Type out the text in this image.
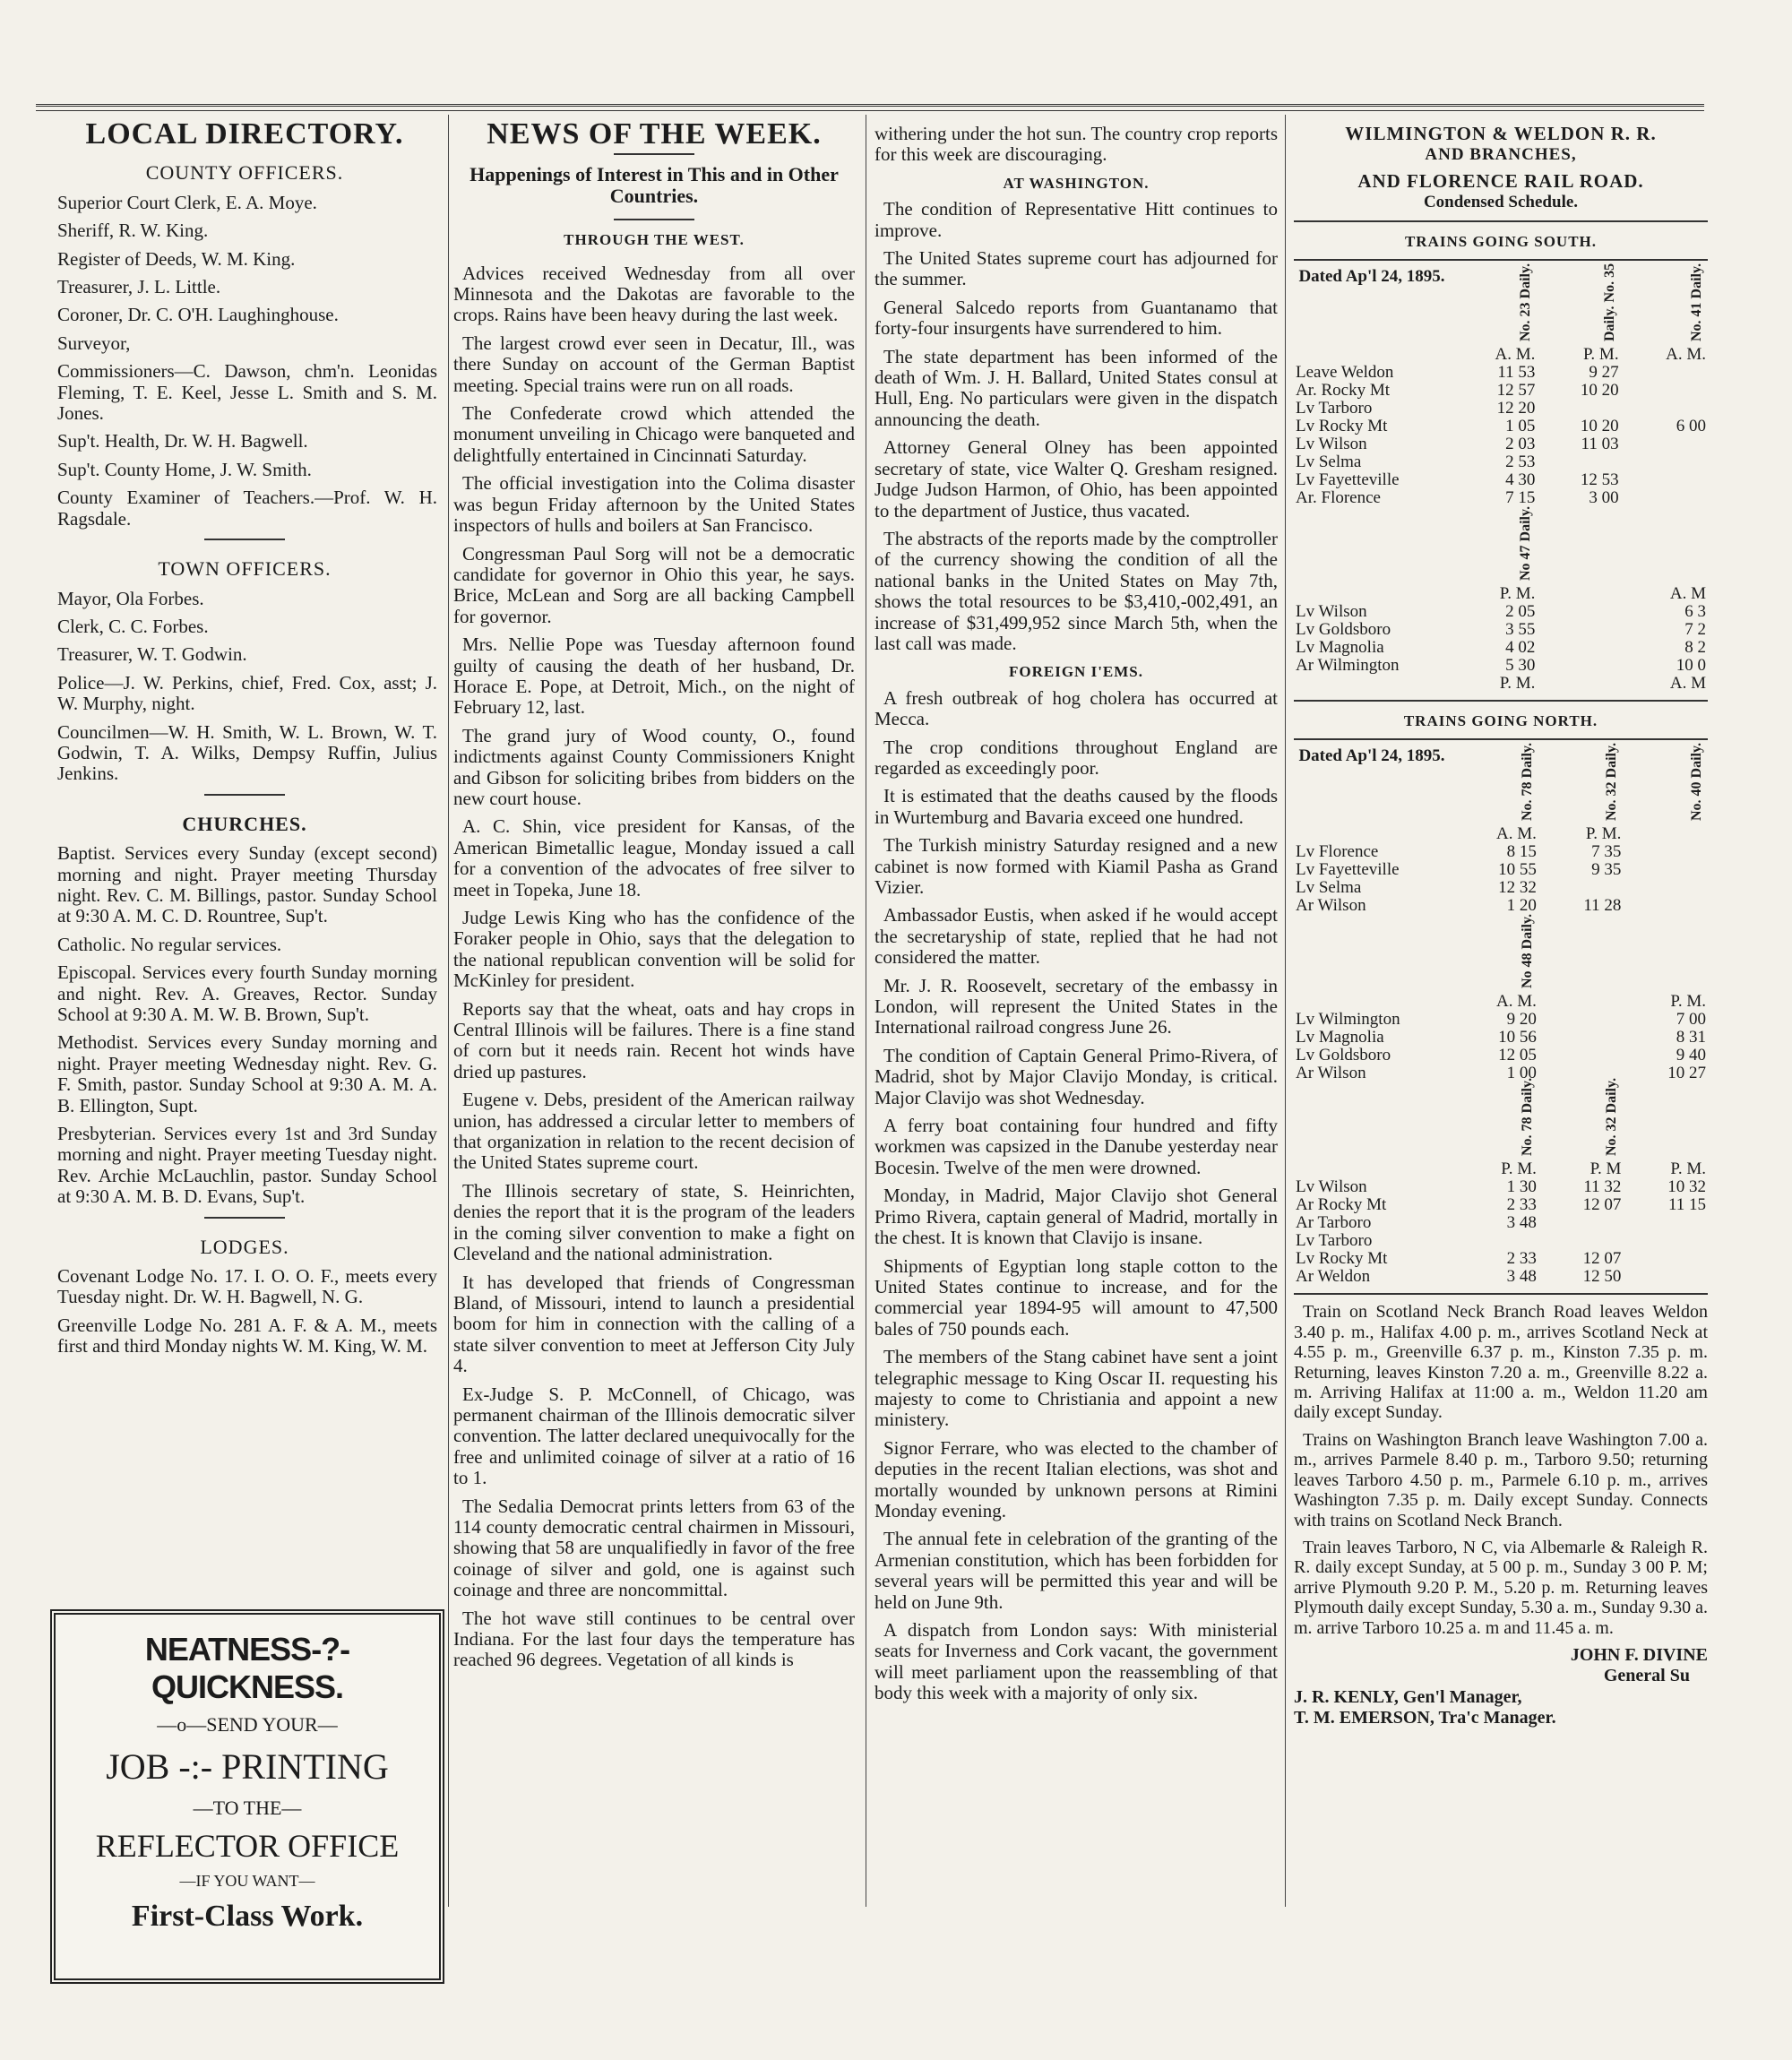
LOCAL DIRECTORY.
COUNTY OFFICERS.

Superior Court Clerk, E. A. Moye.

Sheriff, R. W. King.

Register of Deeds, W. M. King.

Treasurer, J. L. Little.

Coroner, Dr. C. O'H. Laughinghouse.

Surveyor,

Commissioners—C. Dawson, chm'n. Leonidas Fleming, T. E. Keel, Jesse L. Smith and S. M. Jones.

Sup't. Health, Dr. W. H. Bagwell.

Sup't. County Home, J. W. Smith.

County Examiner of Teachers.—Prof. W. H. Ragsdale.

TOWN OFFICERS.

Mayor, Ola Forbes.

Clerk, C. C. Forbes.

Treasurer, W. T. Godwin.

Police—J. W. Perkins, chief, Fred. Cox, asst; J. W. Murphy, night.

Councilmen—W. H. Smith, W. L. Brown, W. T. Godwin, T. A. Wilks, Dempsy Ruffin, Julius Jenkins.

CHURCHES.

Baptist. Services every Sunday (except second) morning and night. Prayer meeting Thursday night. Rev. C. M. Billings, pastor. Sunday School at 9:30 A. M. C. D. Rountree, Sup't.

Catholic. No regular services.

Episcopal. Services every fourth Sunday morning and night. Rev. A. Greaves, Rector. Sunday School at 9:30 A. M. W. B. Brown, Sup't.

Methodist. Services every Sunday morning and night. Prayer meeting Wednesday night. Rev. G. F. Smith, pastor. Sunday School at 9:30 A. M. A. B. Ellington, Supt.

Presbyterian. Services every 1st and 3rd Sunday morning and night. Prayer meeting Tuesday night. Rev. Archie McLauchlin, pastor. Sunday School at 9:30 A. M. B. D. Evans, Sup't.

LODGES.

Covenant Lodge No. 17. I. O. O. F., meets every Tuesday night. Dr. W. H. Bagwell, N. G.

Greenville Lodge No. 281 A. F. & A. M., meets first and third Monday nights W. M. King, W. M.

NEATNESS-?-QUICKNESS.
—o—SEND YOUR—
JOB -:- PRINTING
—TO THE—
REFLECTOR OFFICE
—IF YOU WANT—
First-Class Work.
NEWS OF THE WEEK.
Happenings of Interest in This and in Other Countries.
THROUGH THE WEST.

Advices received Wednesday from all over Minnesota and the Dakotas are favorable to the crops. Rains have been heavy during the last week.

The largest crowd ever seen in Decatur, Ill., was there Sunday on account of the German Baptist meeting. Special trains were run on all roads.

The Confederate crowd which attended the monument unveiling in Chicago were banqueted and delightfully entertained in Cincinnati Saturday.

The official investigation into the Colima disaster was begun Friday afternoon by the United States inspectors of hulls and boilers at San Francisco.

Congressman Paul Sorg will not be a democratic candidate for governor in Ohio this year, he says. Brice, McLean and Sorg are all backing Campbell for governor.

Mrs. Nellie Pope was Tuesday afternoon found guilty of causing the death of her husband, Dr. Horace E. Pope, at Detroit, Mich., on the night of February 12, last.

The grand jury of Wood county, O., found indictments against County Commissioners Knight and Gibson for soliciting bribes from bidders on the new court house.

A. C. Shin, vice president for Kansas, of the American Bimetallic league, Monday issued a call for a convention of the advocates of free silver to meet in Topeka, June 18.

Judge Lewis King who has the confidence of the Foraker people in Ohio, says that the delegation to the national republican convention will be solid for McKinley for president.

Reports say that the wheat, oats and hay crops in Central Illinois will be failures. There is a fine stand of corn but it needs rain. Recent hot winds have dried up pastures.

Eugene v. Debs, president of the American railway union, has addressed a circular letter to members of that organization in relation to the recent decision of the United States supreme court.

The Illinois secretary of state, S. Heinrichten, denies the report that it is the program of the leaders in the coming silver convention to make a fight on Cleveland and the national administration.

It has developed that friends of Congressman Bland, of Missouri, intend to launch a presidential boom for him in connection with the calling of a state silver convention to meet at Jefferson City July 4.

Ex-Judge S. P. McConnell, of Chicago, was permanent chairman of the Illinois democratic silver convention. The latter declared unequivocally for the free and unlimited coinage of silver at a ratio of 16 to 1.

The Sedalia Democrat prints letters from 63 of the 114 county democratic central chairmen in Missouri, showing that 58 are unqualifiedly in favor of the free coinage of silver and gold, one is against such coinage and three are noncommittal.

The hot wave still continues to be central over Indiana. For the last four days the temperature has reached 96 degrees. Vegetation of all kinds is

withering under the hot sun. The country crop reports for this week are discouraging.

AT WASHINGTON.

The condition of Representative Hitt continues to improve.

The United States supreme court has adjourned for the summer.

General Salcedo reports from Guantanamo that forty-four insurgents have surrendered to him.

The state department has been informed of the death of Wm. J. H. Ballard, United States consul at Hull, Eng. No particulars were given in the dispatch announcing the death.

Attorney General Olney has been appointed secretary of state, vice Walter Q. Gresham resigned. Judge Judson Harmon, of Ohio, has been appointed to the department of Justice, thus vacated.

The abstracts of the reports made by the comptroller of the currency showing the condition of all the national banks in the United States on May 7th, shows the total resources to be $3,410,-002,491, an increase of $31,499,952 since March 5th, when the last call was made.

FOREIGN I'EMS.

A fresh outbreak of hog cholera has occurred at Mecca.

The crop conditions throughout England are regarded as exceedingly poor.

It is estimated that the deaths caused by the floods in Wurtemburg and Bavaria exceed one hundred.

The Turkish ministry Saturday resigned and a new cabinet is now formed with Kiamil Pasha as Grand Vizier.

Ambassador Eustis, when asked if he would accept the secretaryship of state, replied that he had not considered the matter.

Mr. J. R. Roosevelt, secretary of the embassy in London, will represent the United States in the International railroad congress June 26.

The condition of Captain General Primo-Rivera, of Madrid, shot by Major Clavijo Monday, is critical. Major Clavijo was shot Wednesday.

A ferry boat containing four hundred and fifty workmen was capsized in the Danube yesterday near Bocesin. Twelve of the men were drowned.

Monday, in Madrid, Major Clavijo shot General Primo Rivera, captain general of Madrid, mortally in the chest. It is known that Clavijo is insane.

Shipments of Egyptian long staple cotton to the United States continue to increase, and for the commercial year 1894-95 will amount to 47,500 bales of 750 pounds each.

The members of the Stang cabinet have sent a joint telegraphic message to King Oscar II. requesting his majesty to come to Christiania and appoint a new ministery.

Signor Ferrare, who was elected to the chamber of deputies in the recent Italian elections, was shot and mortally wounded by unknown persons at Rimini Monday evening.

The annual fete in celebration of the granting of the Armenian constitution, which has been forbidden for several years will be permitted this year and will be held on June 9th.

A dispatch from London says: With ministerial seats for Inverness and Cork vacant, the government will meet parliament upon the reassembling of that body this week with a majority of only six.

WILMINGTON & WELDON R. R.
AND BRANCHES,
AND FLORENCE RAIL ROAD.
Condensed Schedule.
TRAINS GOING SOUTH.
Dated Ap'l 24, 1895.	No. 23 Daily.	Daily. No. 35	No. 41 Daily.
	A. M.	P. M.	A. M.
Leave Weldon	11 53	9 27	
Ar. Rocky Mt	12 57	10 20	

Lv Tarboro	12 20		

Lv Rocky Mt	1 05	10 20	6 00
Lv Wilson	2 03	11 03	
Lv Selma	2 53		
Lv Fayetteville	4 30	12 53	
Ar. Florence	7 15	3 00	
	No 47 Daily.		
	P. M.		A. M
Lv Wilson	2 05		6 3
Lv Goldsboro	3 55		7 2
Lv Magnolia	4 02		8 2
Ar Wilmington	5 30		10 0
	P. M.		A. M
TRAINS GOING NORTH.
Dated Ap'l 24, 1895.	No. 78 Daily.	No. 32 Daily.	No. 40 Daily.
	A. M.	P. M.	
Lv Florence	8 15	7 35	
Lv Fayetteville	10 55	9 35	
Lv Selma	12 32		
Ar Wilson	1 20	11 28	
	No 48 Daily.		
	A. M.		P. M.
Lv Wilmington	9 20		7 00
Lv Magnolia	10 56		8 31
Lv Goldsboro	12 05		9 40
Ar Wilson	1 00		10 27
	No. 78 Daily.	No. 32 Daily.	
	P. M.	P. M	P. M.
Lv Wilson	1 30	11 32	10 32
Ar Rocky Mt	2 33	12 07	11 15

Ar Tarboro	3 48		
Lv Tarboro			
Lv Rocky Mt	2 33	12 07	
Ar Weldon	3 48	12 50	

Train on Scotland Neck Branch Road leaves Weldon 3.40 p. m., Halifax 4.00 p. m., arrives Scotland Neck at 4.55 p. m., Greenville 6.37 p. m., Kinston 7.35 p. m. Returning, leaves Kinston 7.20 a. m., Greenville 8.22 a. m. Arriving Halifax at 11:00 a. m., Weldon 11.20 am daily except Sunday.

Trains on Washington Branch leave Washington 7.00 a. m., arrives Parmele 8.40 p. m., Tarboro 9.50; returning leaves Tarboro 4.50 p. m., Parmele 6.10 p. m., arrives Washington 7.35 p. m. Daily except Sunday. Connects with trains on Scotland Neck Branch.

Train leaves Tarboro, N C, via Albemarle & Raleigh R. R. daily except Sunday, at 5 00 p. m., Sunday 3 00 P. M; arrive Plymouth 9.20 P. M., 5.20 p. m. Returning leaves Plymouth daily except Sunday, 5.30 a. m., Sunday 9.30 a. m. arrive Tarboro 10.25 a. m and 11.45 a. m.

JOHN F. DIVINE
General Su
J. R. KENLY, Gen'l Manager,
T. M. EMERSON, Tra'c Manager.
